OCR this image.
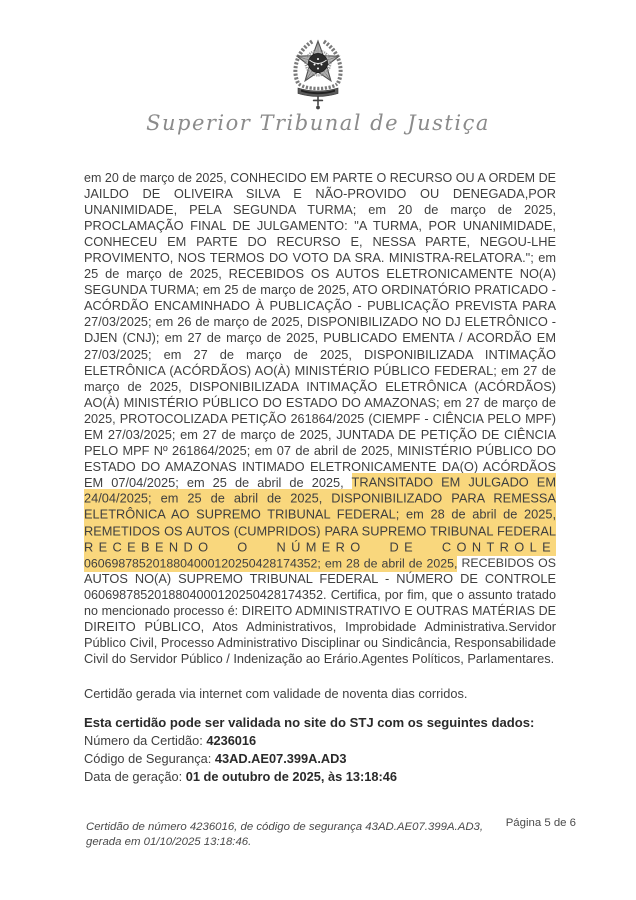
Superior Tribunal de Justiça
em 20 de março de 2025, CONHECIDO EM PARTE O RECURSO OU A ORDEM DE
JAILDO DE OLIVEIRA SILVA E NÃO-PROVIDO OU DENEGADA,POR
UNANIMIDADE, PELA SEGUNDA TURMA; em 20 de março de 2025,
PROCLAMAÇÃO FINAL DE JULGAMENTO: "A TURMA, POR UNANIMIDADE,
CONHECEU EM PARTE DO RECURSO E, NESSA PARTE, NEGOU-LHE
PROVIMENTO, NOS TERMOS DO VOTO DA SRA. MINISTRA-RELATORA."; em
25 de março de 2025, RECEBIDOS OS AUTOS ELETRONICAMENTE NO(A)
SEGUNDA TURMA; em 25 de março de 2025, ATO ORDINATÓRIO PRATICADO -
ACÓRDÃO ENCAMINHADO À PUBLICAÇÃO - PUBLICAÇÃO PREVISTA PARA
27/03/2025; em 26 de março de 2025, DISPONIBILIZADO NO DJ ELETRÔNICO -
DJEN (CNJ); em 27 de março de 2025, PUBLICADO EMENTA / ACORDÃO EM
27/03/2025; em 27 de março de 2025, DISPONIBILIZADA INTIMAÇÃO
ELETRÔNICA (ACÓRDÃOS) AO(À) MINISTÉRIO PÚBLICO FEDERAL; em 27 de
março de 2025, DISPONIBILIZADA INTIMAÇÃO ELETRÔNICA (ACÓRDÃOS)
AO(À) MINISTÉRIO PÚBLICO DO ESTADO DO AMAZONAS; em 27 de março de
2025, PROTOCOLIZADA PETIÇÃO 261864/2025 (CIEMPF - CIÊNCIA PELO MPF)
EM 27/03/2025; em 27 de março de 2025, JUNTADA DE PETIÇÃO DE CIÊNCIA
PELO MPF Nº 261864/2025; em 07 de abril de 2025, MINISTÉRIO PÚBLICO DO
ESTADO DO AMAZONAS INTIMADO ELETRONICAMENTE DA(O) ACÓRDÃOS
EM 07/04/2025; em 25 de abril de 2025, TRANSITADO EM JULGADO EM
24/04/2025; em 25 de abril de 2025, DISPONIBILIZADO PARA REMESSA
ELETRÔNICA AO SUPREMO TRIBUNAL FEDERAL; em 28 de abril de 2025,
REMETIDOS OS AUTOS (CUMPRIDOS) PARA SUPREMO TRIBUNAL FEDERAL
RECEBENDO O NÚMERO DE CONTROLE
0606987852018804000120250428174352; em 28 de abril de 2025, RECEBIDOS OS
AUTOS NO(A) SUPREMO TRIBUNAL FEDERAL - NÚMERO DE CONTROLE
0606987852018804000120250428174352. Certifica, por fim, que o assunto tratado
no mencionado processo é: DIREITO ADMINISTRATIVO E OUTRAS MATÉRIAS DE
DIREITO PÚBLICO, Atos Administrativos, Improbidade Administrativa.Servidor
Público Civil, Processo Administrativo Disciplinar ou Sindicância, Responsabilidade
Civil do Servidor Público / Indenização ao Erário.Agentes Políticos, Parlamentares.
Certidão gerada via internet com validade de noventa dias corridos.
Esta certidão pode ser validada no site do STJ com os seguintes dados:
Número da Certidão: 4236016
Código de Segurança: 43AD.AE07.399A.AD3
Data de geração: 01 de outubro de 2025, às 13:18:46
Certidão de número 4236016, de código de segurança 43AD.AE07.399A.AD3,
gerada em 01/10/2025 13:18:46.
Página 5 de 6
